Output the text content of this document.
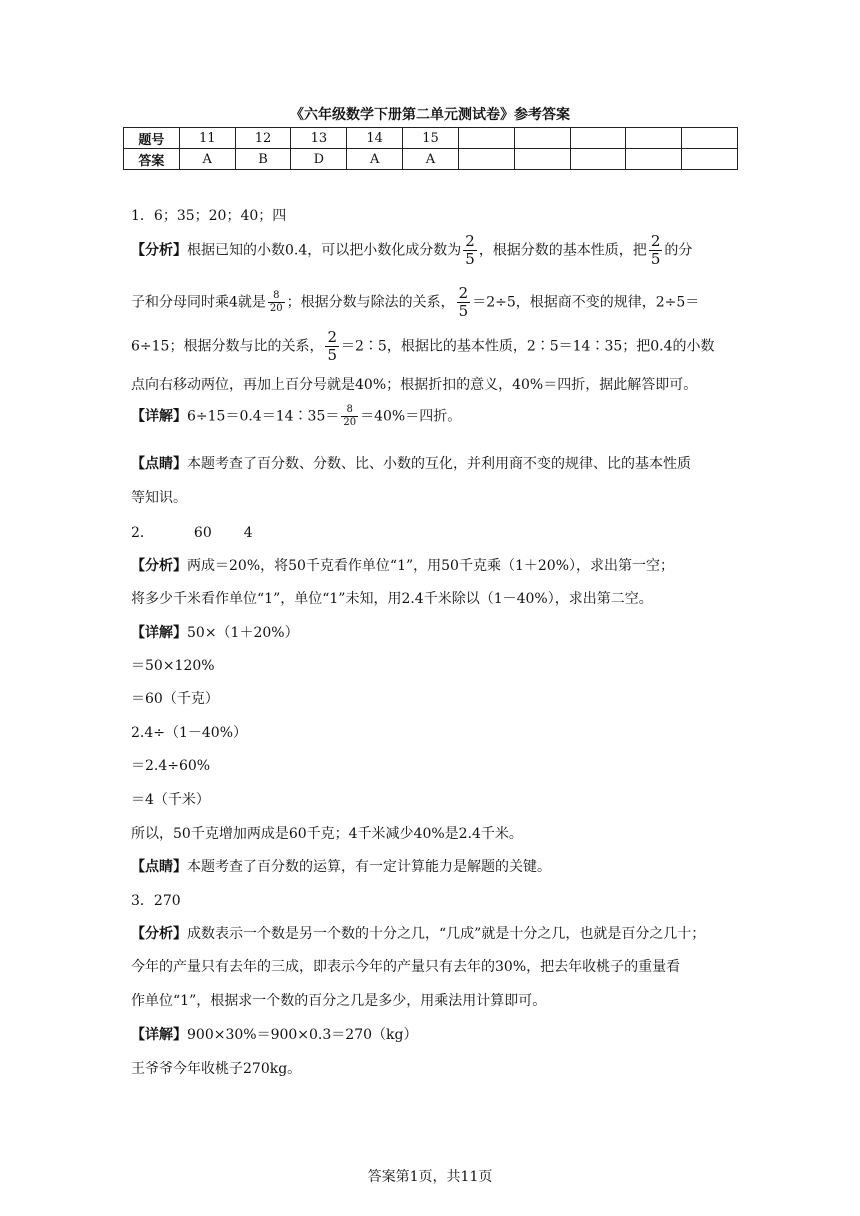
《六年级数学下册第二单元测试卷》参考答案
题号	11	12	13	14	15					
答案	A	B	D	A	A					
1．6；35；20；40；四
【分析】根据已知的小数0.4，可以把小数化成分数为 $\frac{2}{5}$ ，根据分数的基本性质，把 $\frac{2}{5}$ 的分
子和分母同时乘4就是 $\frac{8}{20}$ ；根据分数与除法的关系， $\frac{2}{5} =2\div 5$，根据商不变的规律，2÷5＝
6÷15；根据分数与比的关系， $\frac{2}{5}$ ＝2∶5，根据比的基本性质，2∶5＝14∶35；把0.4的小数
点向右移动两位，再加上百分号就是40%；根据折扣的意义，40%＝四折，据此解答即可。
【详解】6÷15＝0.4＝14∶35＝ $\frac{8}{20} =40\%=$四折。
【点睛】本题考查了百分数、分数、比、小数的互化，并利用商不变的规律、比的基本性质
等知识。
2．	60 4
【分析】两成＝20%，将50千克看作单位“1”，用50千克乘（1＋20%），求出第一空；
将多少千米看作单位“1”，单位“1”未知，用2.4千米除以（1－40%），求出第二空。
【详解】50×（1＋20%）
＝50×120%
＝60（千克）
2.4÷（1－40%）
＝2.4÷60%
＝4（千米）
所以，50千克增加两成是60千克；4千米减少40%是2.4千米。
【点睛】本题考查了百分数的运算，有一定计算能力是解题的关键。
3．270
【分析】成数表示一个数是另一个数的十分之几，“几成”就是十分之几，也就是百分之几十；
今年的产量只有去年的三成，即表示今年的产量只有去年的30%，把去年收桃子的重量看
作单位“1”，根据求一个数的百分之几是多少，用乘法用计算即可。
【详解】900×30%＝900×0.3＝270（kg）
王爷爷今年收桃子270kg。
答案第1页，共11页
